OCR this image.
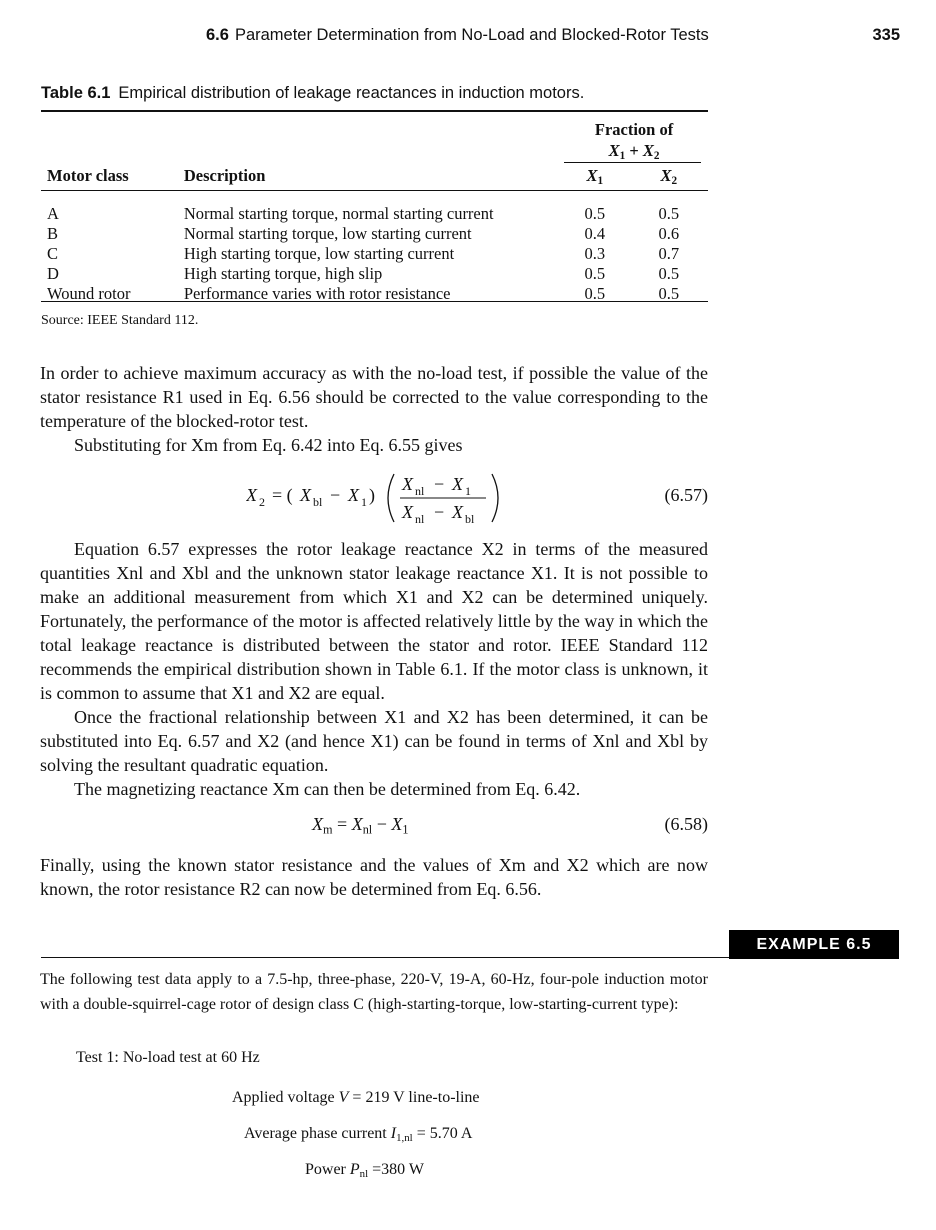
6.6 Parameter Determination from No-Load and Blocked-Rotor Tests	335
Table 6.1 Empirical distribution of leakage reactances in induction motors.
		Fraction of	
		$X_1 + X_2$
Motor class	Description	$X_1$	$X_2$

A	Normal starting torque, normal starting current	0.5	0.5
B	Normal starting torque, low starting current	0.4	0.6
C	High starting torque, low starting current	0.3	0.7
D	High starting torque, high slip	0.5	0.5
Wound rotor	Performance varies with rotor resistance	0.5	0.5
Source: IEEE Standard 112.

In order to achieve maximum accuracy as with the no-load test, if possible the value of the stator resistance R1 used in Eq. 6.56 should be corrected to the value corresponding to the temperature of the blocked-rotor test.

Substituting for Xm from Eq. 6.42 into Eq. 6.55 gives

X 2 = ( X bl − X 1 )
X nl − X 1
X nl − X bl
(6.57)

Equation 6.57 expresses the rotor leakage reactance X2 in terms of the measured quantities Xnl and Xbl and the unknown stator leakage reactance X1. It is not possible to make an additional measurement from which X1 and X2 can be determined uniquely. Fortunately, the performance of the motor is affected relatively little by the way in which the total leakage reactance is distributed between the stator and rotor. IEEE Standard 112 recommends the empirical distribution shown in Table 6.1. If the motor class is unknown, it is common to assume that X1 and X2 are equal.

Once the fractional relationship between X1 and X2 has been determined, it can be substituted into Eq. 6.57 and X2 (and hence X1) can be found in terms of Xnl and Xbl by solving the resultant quadratic equation.

The magnetizing reactance Xm can then be determined from Eq. 6.42.

$X_m = X_{nl} - X_1$	(6.58)

Finally, using the known stator resistance and the values of Xm and X2 which are now known, the rotor resistance R2 can now be determined from Eq. 6.56.

EXAMPLE 6.5
The following test data apply to a 7.5-hp, three-phase, 220-V, 19-A, 60-Hz, four-pole induction motor with a double-squirrel-cage rotor of design class C (high-starting-torque, low-starting-current type):
Test 1: No-load test at 60 Hz
Applied voltage V = 219 V line-to-line
Average phase current $I_{1,nl} = 5.70$ A
Power $P_{nl} =380$ W
